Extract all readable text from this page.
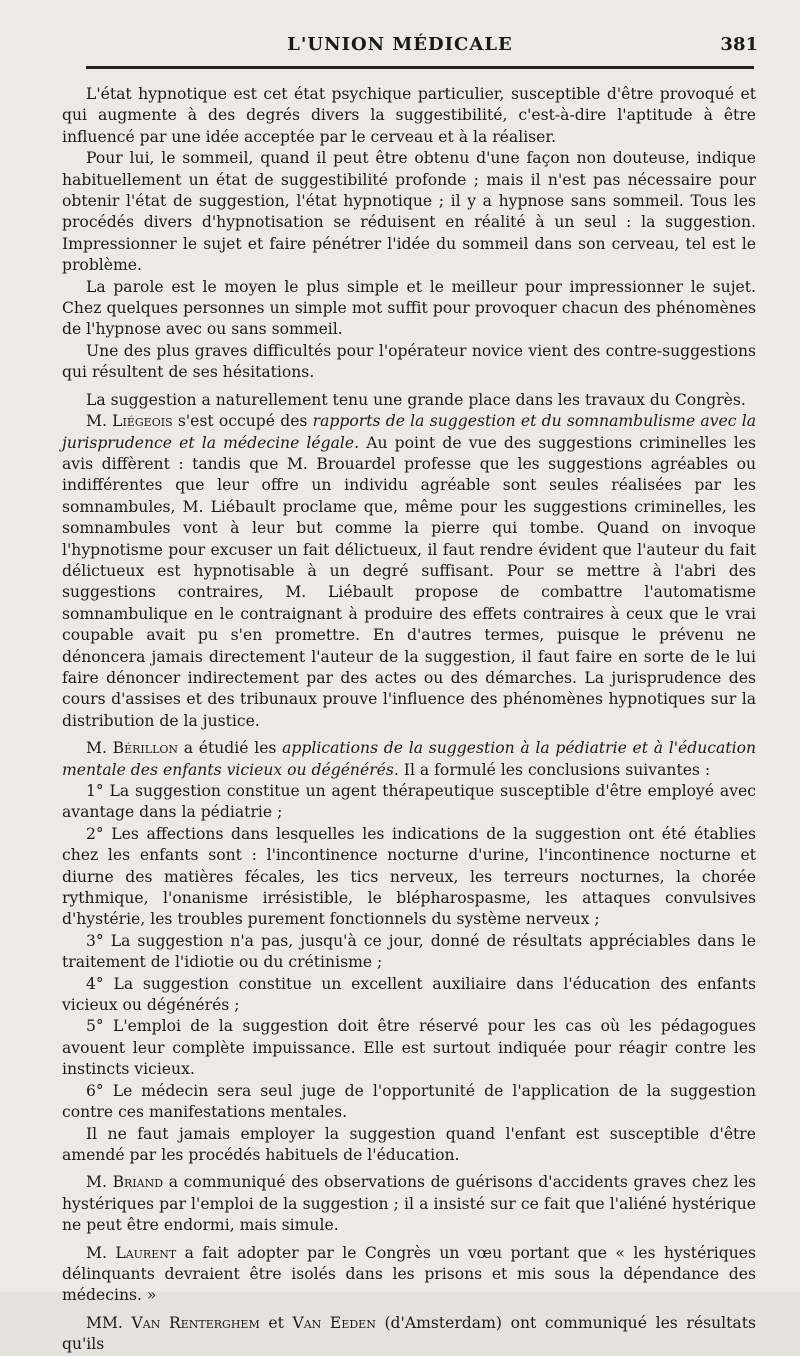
L'UNION MÉDICALE	381

L'état hypnotique est cet état psychique particulier, susceptible d'être provoqué et qui augmente à des degrés divers la suggestibilité, c'est-à-dire l'aptitude à être influencé par une idée acceptée par le cerveau et à la réaliser.

Pour lui, le sommeil, quand il peut être obtenu d'une façon non douteuse, indique habituellement un état de suggestibilité profonde ; mais il n'est pas nécessaire pour obtenir l'état de suggestion, l'état hypnotique ; il y a hypnose sans sommeil. Tous les procédés divers d'hypnotisation se réduisent en réalité à un seul : la suggestion. Impressionner le sujet et faire pénétrer l'idée du sommeil dans son cerveau, tel est le problème.

La parole est le moyen le plus simple et le meilleur pour impressionner le sujet. Chez quelques personnes un simple mot suffit pour provoquer chacun des phénomènes de l'hypnose avec ou sans sommeil.

Une des plus graves difficultés pour l'opérateur novice vient des contre-suggestions qui résultent de ses hésitations.

La suggestion a naturellement tenu une grande place dans les travaux du Congrès.

M. Liégeois s'est occupé des rapports de la suggestion et du somnambulisme avec la jurisprudence et la médecine légale. Au point de vue des suggestions criminelles les avis diffèrent : tandis que M. Brouardel professe que les suggestions agréables ou indifférentes que leur offre un individu agréable sont seules réalisées par les somnambules, M. Liébault proclame que, même pour les suggestions criminelles, les somnambules vont à leur but comme la pierre qui tombe. Quand on invoque l'hypnotisme pour excuser un fait délictueux, il faut rendre évident que l'auteur du fait délictueux est hypnotisable à un degré suffisant. Pour se mettre à l'abri des suggestions contraires, M. Liébault propose de combattre l'automatisme somnambulique en le contraignant à produire des effets contraires à ceux que le vrai coupable avait pu s'en promettre. En d'autres termes, puisque le prévenu ne dénoncera jamais directement l'auteur de la suggestion, il faut faire en sorte de le lui faire dénoncer indirectement par des actes ou des démarches. La jurisprudence des cours d'assises et des tribunaux prouve l'influence des phénomènes hypnotiques sur la distribution de la justice.

M. Bérillon a étudié les applications de la suggestion à la pédiatrie et à l'éducation mentale des enfants vicieux ou dégénérés. Il a formulé les conclusions suivantes :

1° La suggestion constitue un agent thérapeutique susceptible d'être employé avec avantage dans la pédiatrie ;

2° Les affections dans lesquelles les indications de la suggestion ont été établies chez les enfants sont : l'incontinence nocturne d'urine, l'incontinence nocturne et diurne des matières fécales, les tics nerveux, les terreurs nocturnes, la chorée rythmique, l'onanisme irrésistible, le blépharospasme, les attaques convulsives d'hystérie, les troubles purement fonctionnels du système nerveux ;

3° La suggestion n'a pas, jusqu'à ce jour, donné de résultats appréciables dans le traitement de l'idiotie ou du crétinisme ;

4° La suggestion constitue un excellent auxiliaire dans l'éducation des enfants vicieux ou dégénérés ;

5° L'emploi de la suggestion doit être réservé pour les cas où les pédagogues avouent leur complète impuissance. Elle est surtout indiquée pour réagir contre les instincts vicieux.

6° Le médecin sera seul juge de l'opportunité de l'application de la suggestion contre ces manifestations mentales.

Il ne faut jamais employer la suggestion quand l'enfant est susceptible d'être amendé par les procédés habituels de l'éducation.

M. Briand a communiqué des observations de guérisons d'accidents graves chez les hystériques par l'emploi de la suggestion ; il a insisté sur ce fait que l'aliéné hystérique ne peut être endormi, mais simule.

M. Laurent a fait adopter par le Congrès un vœu portant que « les hystériques délinquants devraient être isolés dans les prisons et mis sous la dépendance des médecins. »

MM. Van Renterghem et Van Eeden (d'Amsterdam) ont communiqué les résultats qu'ils
